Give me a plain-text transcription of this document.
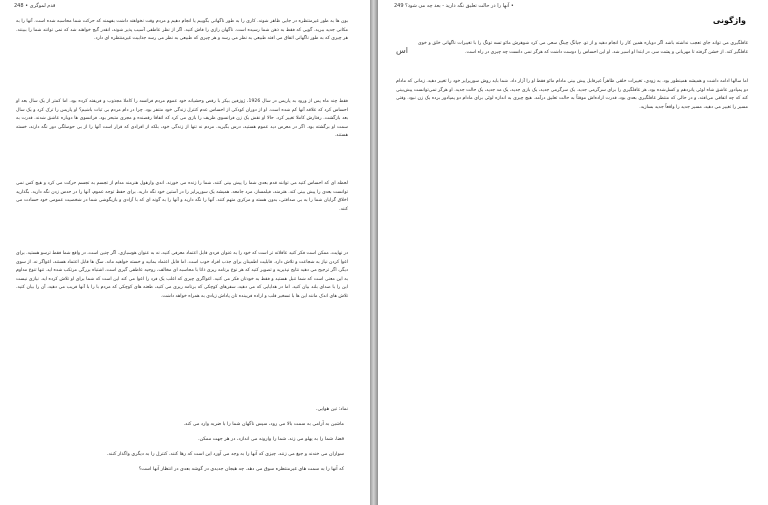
248 • قدم لموگری

بون ها به طور غیرمنتظره در جایی ظاهر شوند. کاری را به طور ناگهانی بگوییم یا انجام دهیم و مردم وقت نخواهند داشت بفهمند که حرکت شما محاسبه شده است. آنها را به مکانی جدید ببرید. گویی که فقط به ذهن شما رسیده است. ناگهان رازی را فاش کنید. اگر از نظر عاطفی آسیب پذیر شوند، انقدر گیج خواهند شد که نمی توانند شما را ببینند. هر چیزی که به طور ناگهانی اتفاق می افتد طبیعی به نظر می رسد و هر چیزی که طبیعی به نظر می رسد جذابیت غیرمنتظره ای دارد.

فقط چند ماه پس از ورود به پاریس در سال 1926، ژوزفین بیکر با رقص وحشیانه خود عموم مردم فرانسه را کاملا مجذوب و فریفته کرده بود. اما کمتر از یک سال بعد او احساس کرد که علاقه آنها کم شده است. او از دوران کودکی از احساس عدم کنترل زندگی خود متنفر بود. چرا در دام مردم بی ثبات باشیم؟ او پاریس را ترک کرد و یک سال بعد بازگشت. رفتارش کاملا تغییر کرد. حالا او نقش یک زن فرانسوی ظریف را بازی می کرد که اتفاقا رقصنده و مجری متبحر بود. فرانسوی ها دوباره عاشق شدند. قدرت به سمت او برگشته بود. اگر در معرض دید عموم هستید، درس بگیرید. مردم نه تنها از زندگی خود، بلکه از افرادی که قرار است آنها را از بی حوصلگی دور نگه دارند، خسته هستند.

لحظه ای که احساس کنید می توانند قدم بعدی شما را پیش بینی کنند، شما را زنده می خورند. اندی وارهول هنرمند مدام از تجسم به تجسم حرکت می کرد و هیچ کس نمی توانست بعدی را پیش بینی کند. هنرمند، فیلمساز، مرد جامعه. همیشه یک سورپرایز را در آستین خود نگه دارید. برای حفظ توجه عموم، آنها را در حدس زدن نگه دارید. بگذارید اخلاق گرایان شما را به بی صداقتی، بدون هسته و مرکزی متهم کنند. آنها را نگه دارید و آنها را به گونه ای که با آزادی و بازیگوشی شما در شخصیت عمومی خود حسادت می کنند.

در نهایت، ممکن است فکر کنید عاقلانه تر است که خود را به عنوان فردی قابل اعتماد معرفی کنید، نه به عنوان هوسبازی. اگر چنین است، در واقع شما فقط ترسو هستید. برای اغوا کردن نیاز به شجاعت و تلاش دارد. قابلیت اطمینان برای جذب افراد خوب است. اما قابل اعتماد بمانید و خسته خواهید ماند. سگ ها قابل اعتماد هستند، اغواگر نه. از سوی دیگر، اگر ترجیح می دهید نتایج نپذیرید و تصویر کنید که هر نوع برنامه ریزی ذاتا با محاسبه ای مخالف، روحیه عاطفی گیری است، اشتباه بزرگی مرتکب شده اید. تنها تنوع مداوم به این معنی است که شما تنبل هستید و فقط به خودتان فکر می کنید. اغواگری چیزی که اغلب یک فرد را اغوا می کند این است که شما برای او تلاش کرده اید. نیازی نیست این را با صدای بلند بیان کنید. اما در هدایایی که می دهید، سفرهای کوچکی که برنامه ریزی می کنید، طعنه های کوچکی که مردم با را با آنها فریب می دهید، آن را بیان کنید. تلاش های اندک مانند این ها با تسخیر قلب و اراده فریبنده تان پاداش زیادی به همراه خواهد داشت.

نماد: تین هوایی.

ماشین به آرامی به سمت بالا می رود، سپس ناگهان شما را با ضربه وارد می کند.

فضا، شما را به پهلو می زند. شما را وارونه می اندازد، در هر جهت ممکن.

سواران می خندند و جیغ می زنند. چیزی که آنها را به وجد می آورد این است که رها کنند. کنترل را به دیگری واگذار کنند.

که آنها را به سمت های غیرمنتظره سوق می دهد. چه هیجان جدیدی در گوشه بعدی در انتظار آنها است؟

آنها را در حالت تعلیق نگه دارید - بعد چه می شود؟ 249 •
واژگونی
اس

غافلگیری می تواند جای تعجب نداشته باشد اگر دوباره همین کار را انجام دهید و از تو. جیانگ چینگ سعی می کرد شوهرش مائو تسه تونگ را با تغییرات ناگهانی خلق و خوی غافلگیر کند. از خشن گرفته تا مهربانی و پشت سر، در ابتدا او اسیر شد. او این احساس را دوست داشت که هرگز نمی دانست چه چیزی در راه است.

اما سالها ادامه داشت و همیشه همینطور بود. به زودی، تغییرات خلقی ظاهراً غیرقابل پیش بینی مادام مائو فقط او را آزار داد. شما باید روش سورپرایز خود را تغییر دهید. زمانی که مادام دو پمپادور عاشق شاه لوئی پانزدهم و کسل‌شده بود، هر غافلگیری را برای سرگرمی جدید. یک سرگرمی جدید، یک بازی جدید، یک مد جدید، یک حالت جدید. او هرگز نمی‌توانست پیش‌بینی کند که چه اتفاقی می‌افتد، و در حالی که منتظر غافلگیری بعدی بود، قدرت اراده‌اش موقتاً به حالت تعلیق درآمد. هیچ چیزی به اندازه لوئی برای مادام دو پمپادور برده یک زن نبود. وقتی مسیر را تغییر می دهید، مسیر جدید را واقعاً جدید بسازید.
